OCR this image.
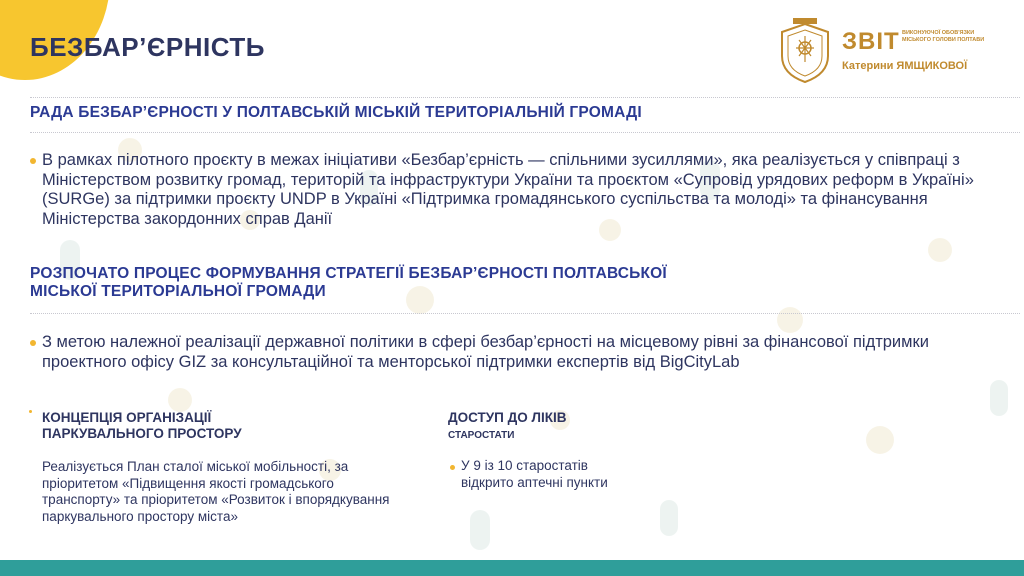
БЕЗБАР’ЄРНІСТЬ	ЗВІТ ВИКОНУЮЧОЇ ОБОВ'ЯЗКИ МІСЬКОГО ГОЛОВИ ПОЛТАВИ
Катерини ЯМЩИКОВОЇ
РАДА БЕЗБАР’ЄРНОСТІ У ПОЛТАВСЬКІЙ МІСЬКІЙ ТЕРИТОРІАЛЬНІЙ ГРОМАДІ
В рамках пілотного проєкту в межах ініціативи «Безбар’єрність — спільними зусиллями», яка реалізується у співпраці з Міністерством розвитку громад, територій та інфраструктури України та проєктом «Супровід урядових реформ в Україні» (SURGe) за підтримки проєкту UNDP в Україні «Підтримка громадянського суспільства та молоді» та фінансування Міністерства закордонних справ Данії
РОЗПОЧАТО ПРОЦЕС ФОРМУВАННЯ СТРАТЕГІЇ БЕЗБАР’ЄРНОСТІ ПОЛТАВСЬКОЇ
МІСЬКОЇ ТЕРИТОРІАЛЬНОЇ ГРОМАДИ
З метою належної реалізації державної політики в сфері безбар’єрності на місцевому рівні за фінансової підтримки проектного офісу GIZ за консультаційної та менторської підтримки експертів від BigCityLab
КОНЦЕПЦІЯ ОРГАНІЗАЦІЇ
ПАРКУВАЛЬНОГО ПРОСТОРУ
Реалізується План сталої міської мобільності, за пріоритетом «Підвищення якості громадського транспорту» та пріоритетом «Розвиток і впорядкування паркувального простору міста»
ДОСТУП ДО ЛІКІВ
СТАРОСТАТИ
У 9 із 10 старостатів відкрито аптечні пункти
